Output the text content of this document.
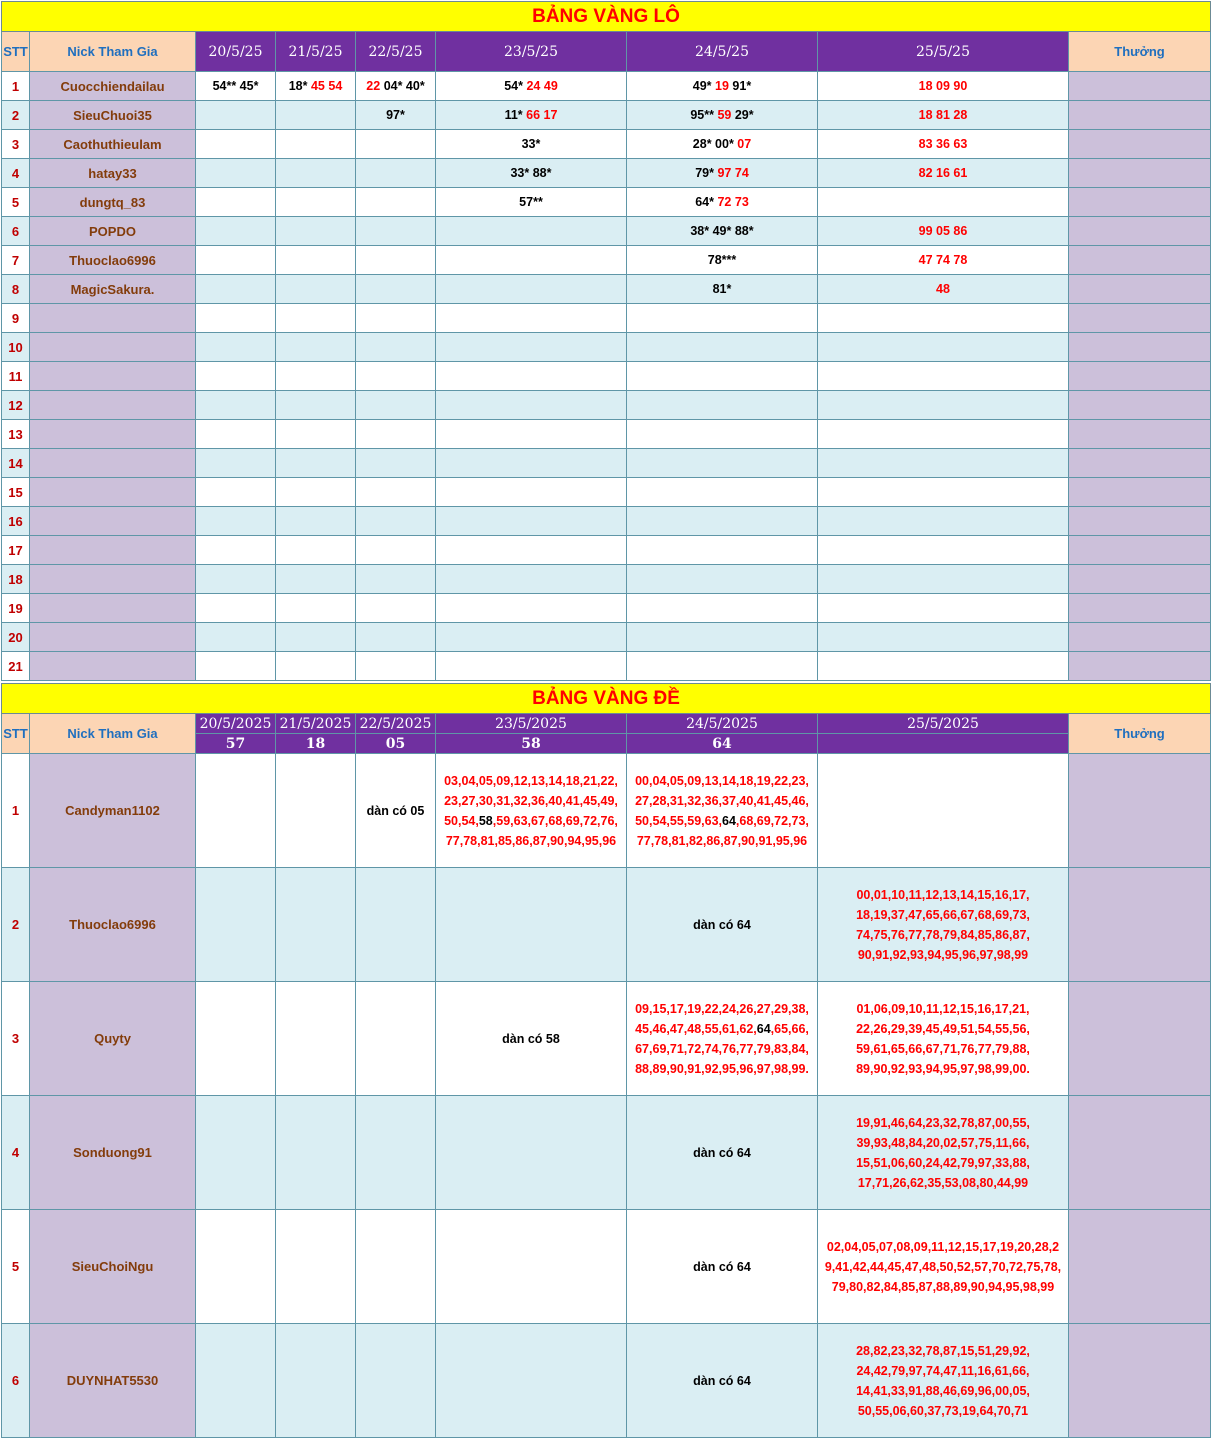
BẢNG VÀNG LÔ								
STT	Nick Tham Gia	20/5/25	21/5/25	22/5/25	23/5/25	24/5/25	25/5/25	Thưởng
1	Cuocchiendailau	54** 45*	18* 45 54	22 04* 40*	54* 24 49	49* 19 91*	18 09 90	

2	SieuChuoi35			97*	11* 66 17	95** 59 29*	18 81 28	

3	Caothuthieulam				33*	28* 00* 07	83 36 63	

4	hatay33				33* 88*	79* 97 74	82 16 61	

5	dungtq_83				57**	64* 72 73		

6	POPDO					38* 49* 88*	99 05 86	

7	Thuoclao6996					78***	47 74 78	

8	MagicSakura.					81*	48	

9		

10		

11		

12		

13		

14		

15		

16		

17		

18		

19		

20		

21		

BẢNG VÀNG ĐỀ								
STT	Nick Tham Gia	20/5/2025	21/5/2025	22/5/2025	23/5/2025	24/5/2025	25/5/2025	Thưởng
		57	18	05	58	64		
1	Candyman1102			dàn có 05	03,04,05,09,12,13,14,18,21,22,
23,27,30,31,32,36,40,41,45,49,
50,54,58,59,63,67,68,69,72,76,
77,78,81,85,86,87,90,94,95,96	00,04,05,09,13,14,18,19,22,23,
27,28,31,32,36,37,40,41,45,46,
50,54,55,59,63,64,68,69,72,73,
77,78,81,82,86,87,90,91,95,96		

2	Thuoclao6996					dàn có 64	00,01,10,11,12,13,14,15,16,17,
18,19,37,47,65,66,67,68,69,73,
74,75,76,77,78,79,84,85,86,87,
90,91,92,93,94,95,96,97,98,99	

3	Quyty				dàn có 58	09,15,17,19,22,24,26,27,29,38,
45,46,47,48,55,61,62,64,65,66,
67,69,71,72,74,76,77,79,83,84,
88,89,90,91,92,95,96,97,98,99.	01,06,09,10,11,12,15,16,17,21,
22,26,29,39,45,49,51,54,55,56,
59,61,65,66,67,71,76,77,79,88,
89,90,92,93,94,95,97,98,99,00.	

4	Sonduong91					dàn có 64	19,91,46,64,23,32,78,87,00,55,
39,93,48,84,20,02,57,75,11,66,
15,51,06,60,24,42,79,97,33,88,
17,71,26,62,35,53,08,80,44,99	

5	SieuChoiNgu					dàn có 64	02,04,05,07,08,09,11,12,15,17,19,20,28,2
9,41,42,44,45,47,48,50,52,57,70,72,75,78,
79,80,82,84,85,87,88,89,90,94,95,98,99	

6	DUYNHAT5530					dàn có 64	28,82,23,32,78,87,15,51,29,92,
24,42,79,97,74,47,11,16,61,66,
14,41,33,91,88,46,69,96,00,05,
50,55,06,60,37,73,19,64,70,71	
